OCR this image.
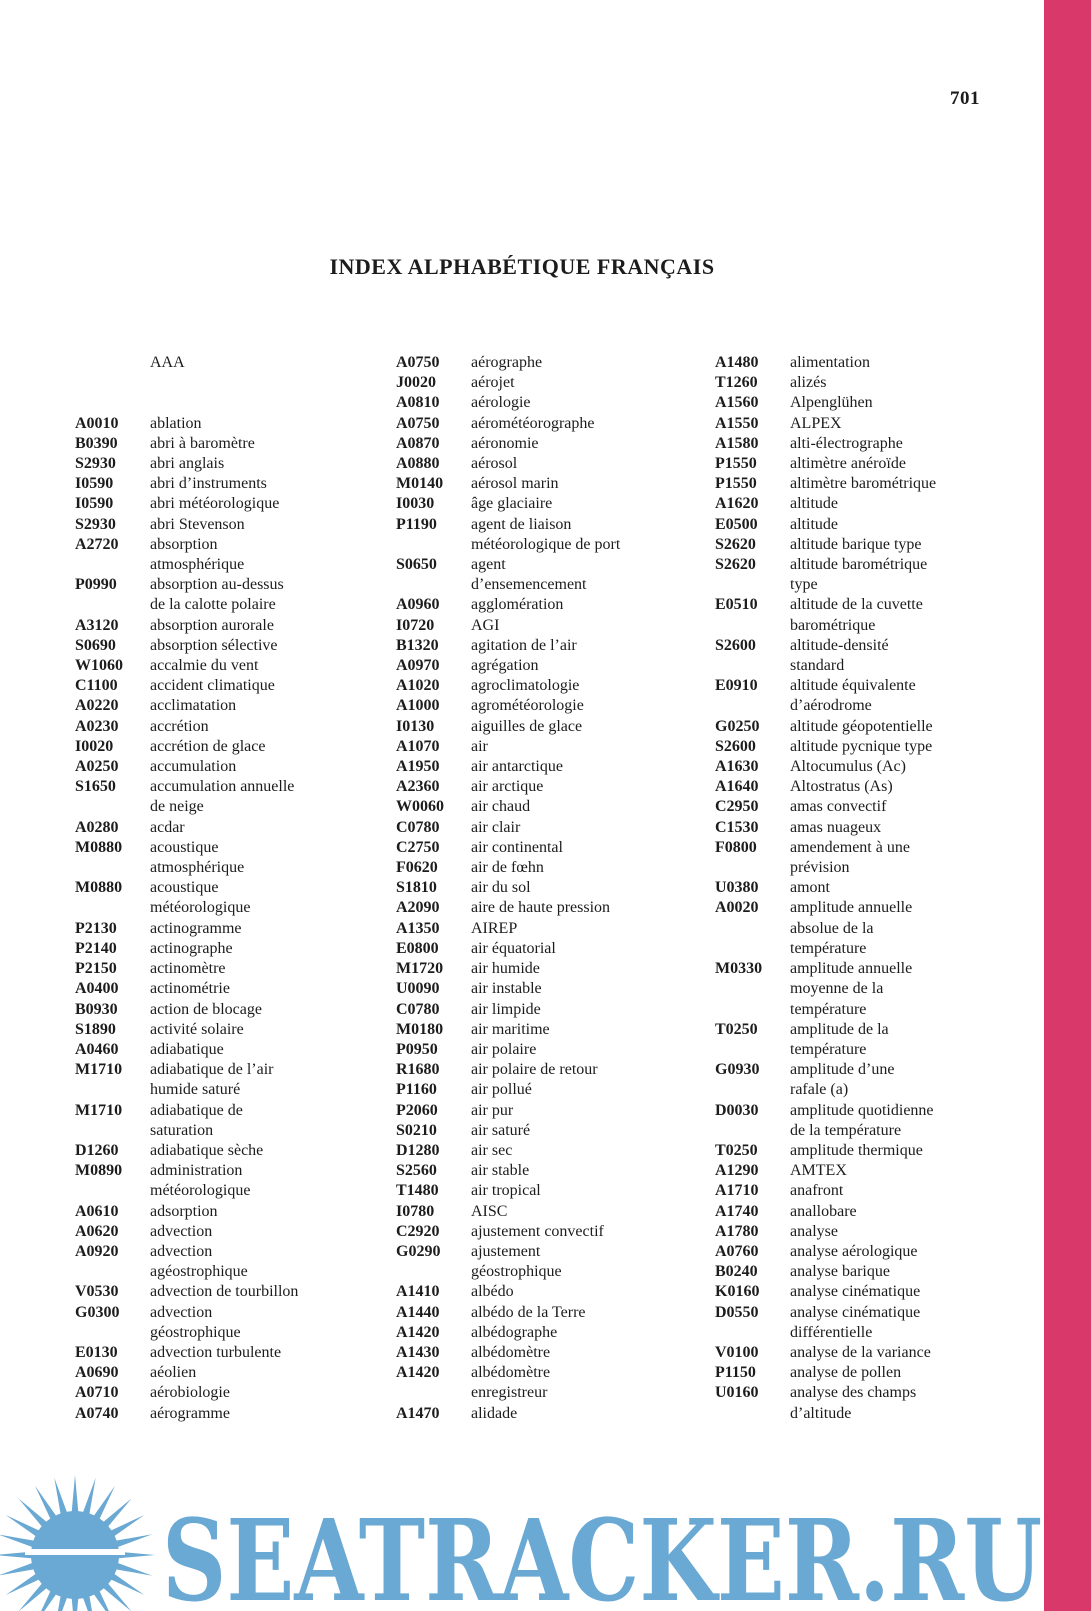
701
INDEX ALPHABÉTIQUE FRANÇAIS

AAA

A0010	ablation
B0390	abri à baromètre
S2930	abri anglais
I0590	abri d’instruments
I0590	abri météorologique
S2930	abri Stevenson
A2720	absorption
atmosphérique
P0990	absorption au-dessus
de la calotte polaire
A3120	absorption aurorale
S0690	absorption sélective
W1060	accalmie du vent
C1100	accident climatique
A0220	acclimatation
A0230	accrétion
I0020	accrétion de glace
A0250	accumulation
S1650	accumulation annuelle
de neige
A0280	acdar
M0880	acoustique
atmosphérique
M0880	acoustique
météorologique
P2130	actinogramme
P2140	actinographe
P2150	actinomètre
A0400	actinométrie
B0930	action de blocage
S1890	activité solaire
A0460	adiabatique
M1710	adiabatique de l’air
humide saturé
M1710	adiabatique de
saturation
D1260	adiabatique sèche
M0890	administration
météorologique
A0610	adsorption
A0620	advection
A0920	advection
agéostrophique
V0530	advection de tourbillon
G0300	advection
géostrophique
E0130	advection turbulente
A0690	aéolien
A0710	aérobiologie
A0740	aérogramme
A0750	aérographe
J0020	aérojet
A0810	aérologie
A0750	aérométéorographe
A0870	aéronomie
A0880	aérosol
M0140	aérosol marin
I0030	âge glaciaire
P1190	agent de liaison
météorologique de port
S0650	agent
d’ensemencement
A0960	agglomération
I0720	AGI
B1320	agitation de l’air
A0970	agrégation
A1020	agroclimatologie
A1000	agrométéorologie
I0130	aiguilles de glace
A1070	air
A1950	air antarctique
A2360	air arctique
W0060	air chaud
C0780	air clair
C2750	air continental
F0620	air de fœhn
S1810	air du sol
A2090	aire de haute pression
A1350	AIREP
E0800	air équatorial
M1720	air humide
U0090	air instable
C0780	air limpide
M0180	air maritime
P0950	air polaire
R1680	air polaire de retour
P1160	air pollué
P2060	air pur
S0210	air saturé
D1280	air sec
S2560	air stable
T1480	air tropical
I0780	AISC
C2920	ajustement convectif
G0290	ajustement
géostrophique
A1410	albédo
A1440	albédo de la Terre
A1420	albédographe
A1430	albédomètre
A1420	albédomètre
enregistreur
A1470	alidade
A1480	alimentation
T1260	alizés
A1560	Alpenglühen
A1550	ALPEX
A1580	alti-électrographe
P1550	altimètre anéroïde
P1550	altimètre barométrique
A1620	altitude
E0500	altitude
S2620	altitude barique type
S2620	altitude barométrique
type
E0510	altitude de la cuvette
barométrique
S2600	altitude-densité
standard
E0910	altitude équivalente
d’aérodrome
G0250	altitude géopotentielle
S2600	altitude pycnique type
A1630	Altocumulus (Ac)
A1640	Altostratus (As)
C2950	amas convectif
C1530	amas nuageux
F0800	amendement à une
prévision
U0380	amont
A0020	amplitude annuelle
absolue de la
température
M0330	amplitude annuelle
moyenne de la
température
T0250	amplitude de la
température
G0930	amplitude d’une
rafale (a)
D0030	amplitude quotidienne
de la température
T0250	amplitude thermique
A1290	AMTEX
A1710	anafront
A1740	anallobare
A1780	analyse
A0760	analyse aérologique
B0240	analyse barique
K0160	analyse cinématique
D0550	analyse cinématique
différentielle
V0100	analyse de la variance
P1150	analyse de pollen
U0160	analyse des champs
d’altitude
SEATRACKER.RU
